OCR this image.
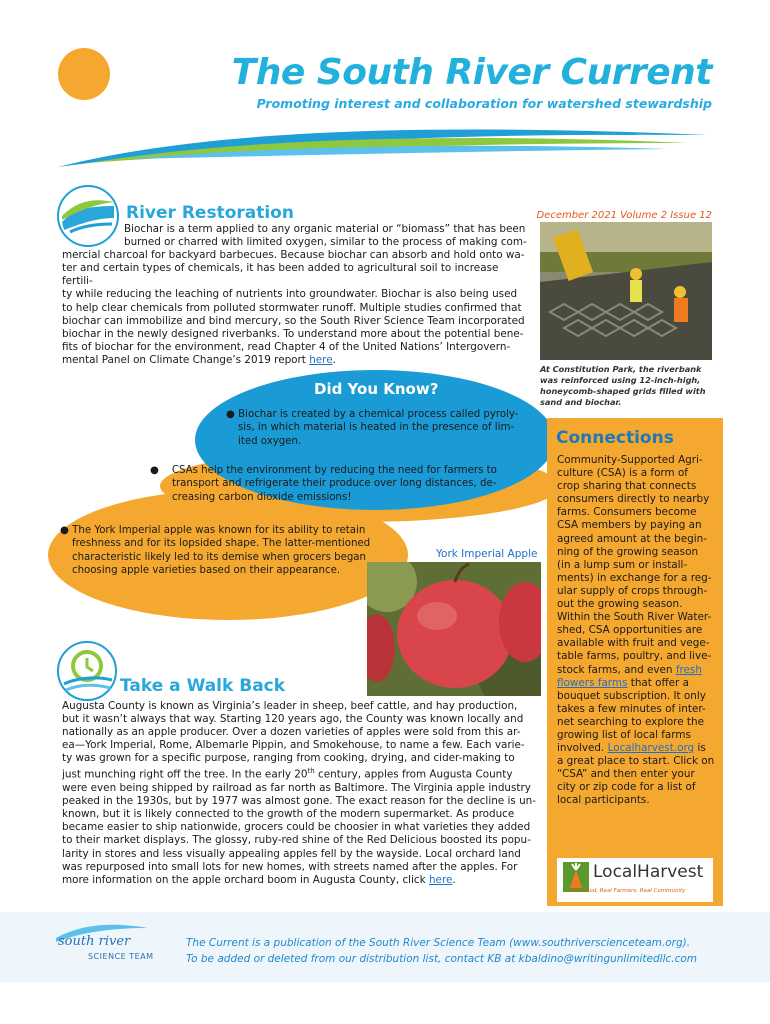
The South River Current
Promoting interest and collaboration for watershed stewardship
River Restoration	December 2021 Volume 2 Issue 12
Biochar is a term applied to any organic material or “biomass” that has been
burned or charred with limited oxygen, similar to the process of making com-
mercial charcoal for backyard barbecues. Because biochar can absorb and hold onto wa-
ter and certain types of chemicals, it has been added to agricultural soil to increase fertili-
ty while reducing the leaching of nutrients into groundwater. Biochar is also being used
to help clear chemicals from polluted stormwater runoff. Multiple studies confirmed that
biochar can immobilize and bind mercury, so the South River Science Team incorporated
biochar in the newly designed riverbanks. To understand more about the potential bene-
fits of biochar for the environment, read Chapter 4 of the United Nations’ Intergovern-
mental Panel on Climate Change’s 2019 report here.
At Constitution Park, the riverbank was reinforced using 12-inch-high, honeycomb-shaped grids filled with sand and biochar.
Did You Know?
● Biochar is created by a chemical process called pyroly-
sis, in which material is heated in the presence of lim-
ited oxygen.
●    CSAs help the environment by reducing the need for farmers to
transport and refrigerate their produce over long distances, de-
creasing carbon dioxide emissions!
● The York Imperial apple was known for its ability to retain
freshness and for its lopsided shape. The latter-mentioned
characteristic likely led to its demise when grocers began
choosing apple varieties based on their appearance.
York Imperial Apple
Take a Walk Back
Augusta County is known as Virginia’s leader in sheep, beef cattle, and hay production,
but it wasn’t always that way. Starting 120 years ago, the County was known locally and
nationally as an apple producer. Over a dozen varieties of apples were sold from this ar-
ea—York Imperial, Rome, Albemarle Pippin, and Smokehouse, to name a few. Each varie-
ty was grown for a specific purpose, ranging from cooking, drying, and cider-making to
just munching right off the tree. In the early 20th century, apples from Augusta County
were even being shipped by railroad as far north as Baltimore. The Virginia apple industry
peaked in the 1930s, but by 1977 was almost gone. The exact reason for the decline is un-
known, but it is likely connected to the growth of the modern supermarket. As produce
became easier to ship nationwide, grocers could be choosier in what varieties they added
to their market displays. The glossy, ruby-red shine of the Red Delicious boosted its popu-
larity in stores and less visually appealing apples fell by the wayside. Local orchard land
was repurposed into small lots for new homes, with streets named after the apples. For
more information on the apple orchard boom in Augusta County, click here.
Connections
Community-Supported Agri-
culture (CSA) is a form of
crop sharing that connects
consumers directly to nearby
farms. Consumers become
CSA members by paying an
agreed amount at the begin-
ning of the growing season
(in a lump sum or install-
ments) in exchange for a reg-
ular supply of crops through-
out the growing season.
Within the South River Water-
shed, CSA opportunities are
available with fruit and vege-
table farms, poultry, and live-
stock farms, and even fresh
flowers farms that offer a
bouquet subscription. It only
takes a few minutes of inter-
net searching to explore the
growing list of local farms
involved. Localharvest.org is
a great place to start. Click on
“CSA” and then enter your
city or zip code for a list of
local participants.
LocalHarvest
Real Food, Real Farmers, Real Community
south river
SCIENCE TEAM
The Current is a publication of the South River Science Team (www.southriverscienceteam.org).
To be added or deleted from our distribution list, contact KB at kbaldino@writingunlimitedllc.com
